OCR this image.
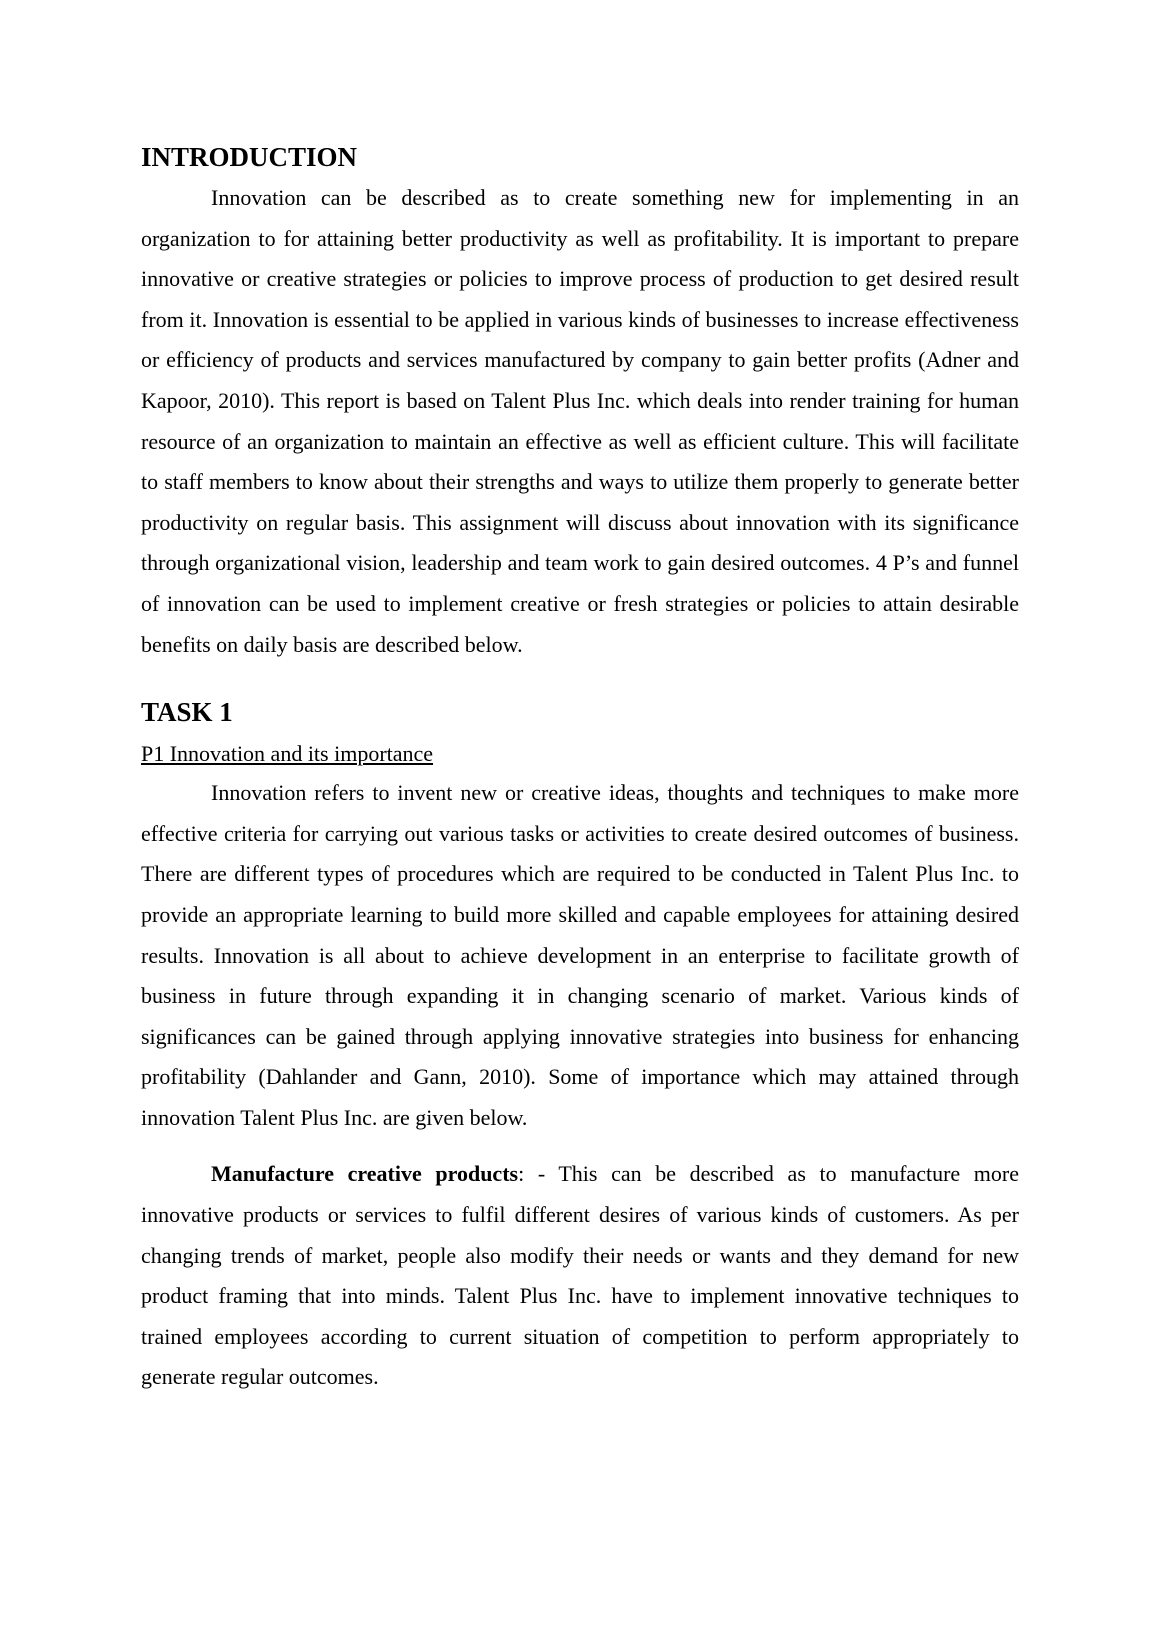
INTRODUCTION

Innovation can be described as to create something new for implementing in an organization to for attaining better productivity as well as profitability. It is important to prepare innovative or creative strategies or policies to improve process of production to get desired result from it. Innovation is essential to be applied in various kinds of businesses to increase effectiveness or efficiency of products and services manufactured by company to gain better profits (Adner and Kapoor, 2010). This report is based on Talent Plus Inc. which deals into render training for human resource of an organization to maintain an effective as well as efficient culture. This will facilitate to staff members to know about their strengths and ways to utilize them properly to generate better productivity on regular basis. This assignment will discuss about innovation with its significance through organizational vision, leadership and team work to gain desired outcomes. 4 P’s and funnel of innovation can be used to implement creative or fresh strategies or policies to attain desirable benefits on daily basis are described below.

TASK 1
P1 Innovation and its importance

Innovation refers to invent new or creative ideas, thoughts and techniques to make more effective criteria for carrying out various tasks or activities to create desired outcomes of business. There are different types of procedures which are required to be conducted in Talent Plus Inc. to provide an appropriate learning to build more skilled and capable employees for attaining desired results. Innovation is all about to achieve development in an enterprise to facilitate growth of business in future through expanding it in changing scenario of market. Various kinds of significances can be gained through applying innovative strategies into business for enhancing profitability (Dahlander and Gann, 2010). Some of importance which may attained through innovation Talent Plus Inc. are given below.

Manufacture creative products: - This can be described as to manufacture more innovative products or services to fulfil different desires of various kinds of customers. As per changing trends of market, people also modify their needs or wants and they demand for new product framing that into minds. Talent Plus Inc. have to implement innovative techniques to trained employees according to current situation of competition to perform appropriately to generate regular outcomes.
